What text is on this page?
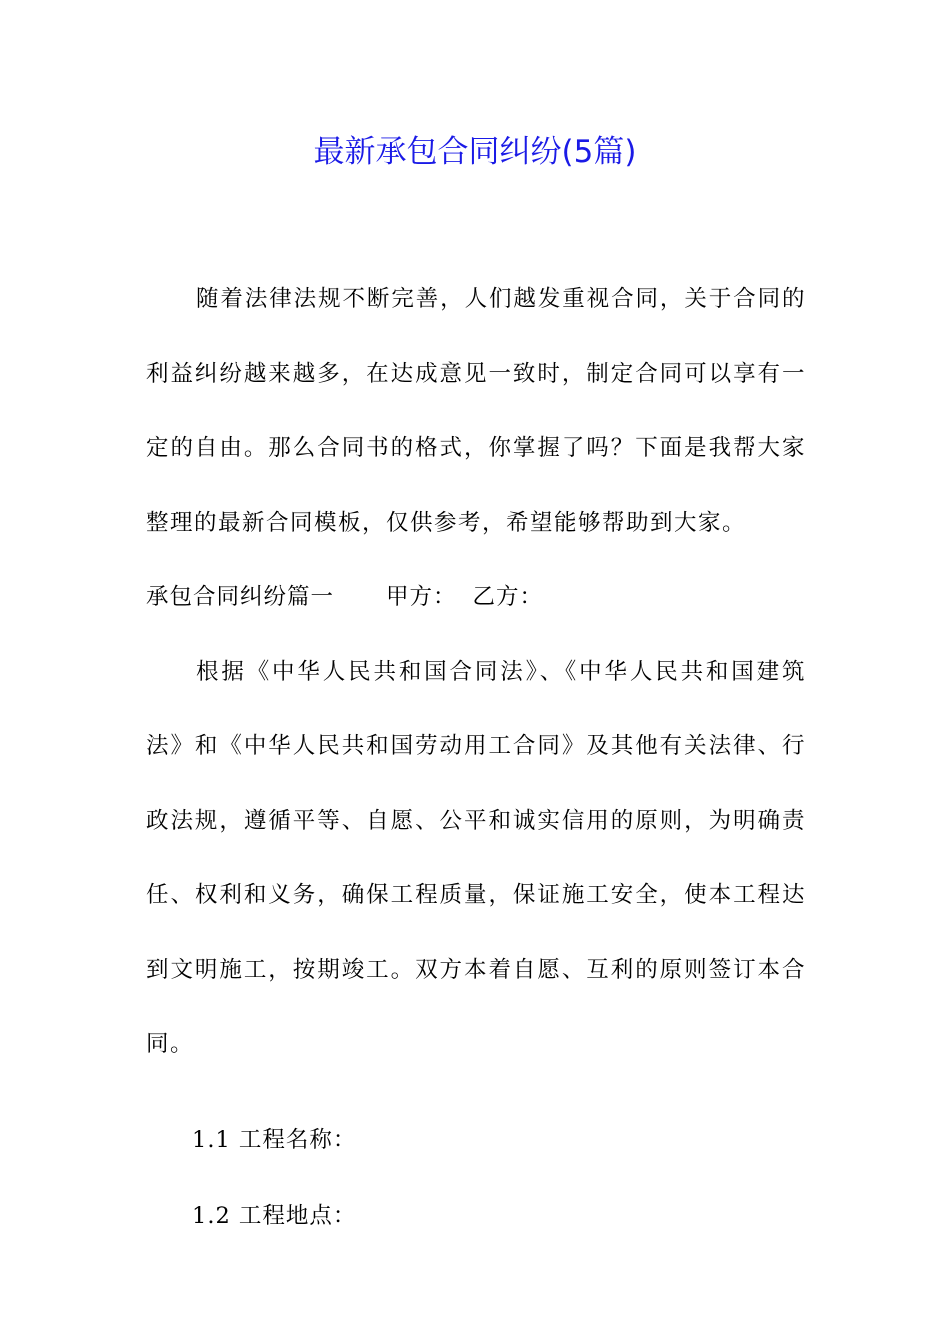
最新承包合同纠纷(5篇)

随着法律法规不断完善，人们越发重视合同，关于合同的利益纠纷越来越多，在达成意见一致时，制定合同可以享有一定的自由。那么合同书的格式，你掌握了吗？下面是我帮大家整理的最新合同模板，仅供参考，希望能够帮助到大家。

承包合同纠纷篇一 甲方： 乙方：

根据《中华人民共和国合同法》、《中华人民共和国建筑法》和《中华人民共和国劳动用工合同》及其他有关法律、行政法规，遵循平等、自愿、公平和诚实信用的原则，为明确责任、权利和义务，确保工程质量，保证施工安全，使本工程达到文明施工，按期竣工。双方本着自愿、互利的原则签订本合同。

1.1 工程名称：

1.2 工程地点：
